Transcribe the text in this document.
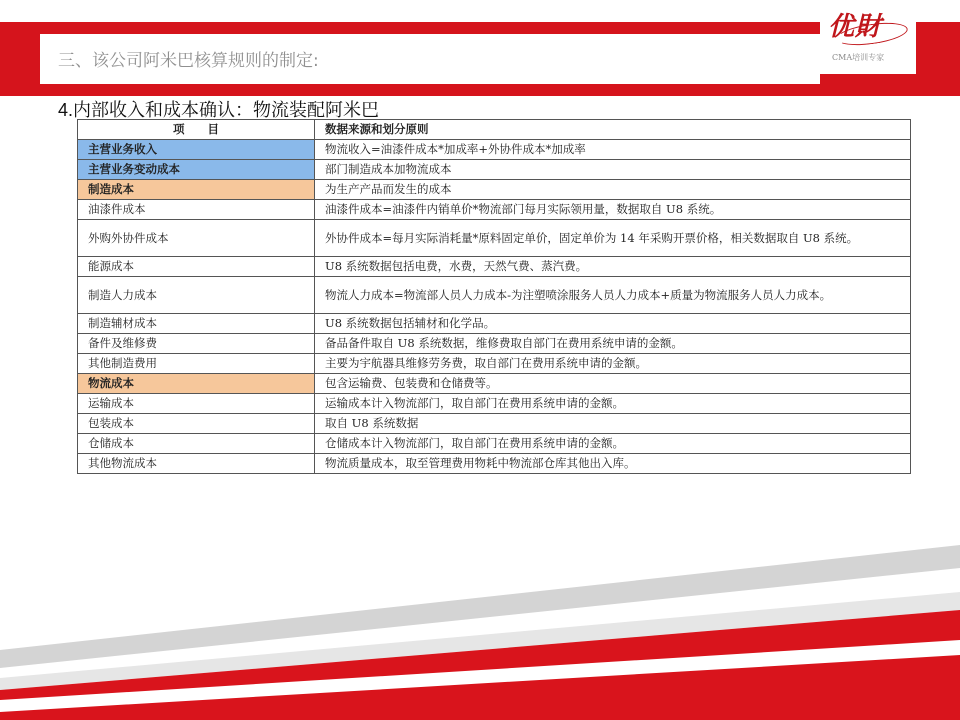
三、该公司阿米巴核算规则的制定:
优財
CMA培训专家
4.内部收入和成本确认：物流装配阿米巴
项　　目	数据来源和划分原则
主营业务收入	物流收入=油漆件成本*加成率+外协件成本*加成率
主营业务变动成本	部门制造成本加物流成本
制造成本	为生产产品而发生的成本
油漆件成本	油漆件成本=油漆件内销单价*物流部门每月实际领用量，数据取自 U8 系统。
外购外协件成本	外协件成本=每月实际消耗量*原料固定单价，固定单价为 14 年采购开票价格，相关数据取自 U8 系统。
能源成本	U8 系统数据包括电费，水费，天然气费、蒸汽费。
制造人力成本	物流人力成本=物流部人员人力成本-为注塑喷涂服务人员人力成本+质量为物流服务人员人力成本。
制造辅材成本	U8 系统数据包括辅材和化学品。
备件及维修费	备品备件取自 U8 系统数据，维修费取自部门在费用系统申请的金额。
其他制造费用	主要为宇航器具维修劳务费，取自部门在费用系统申请的金额。
物流成本	包含运输费、包装费和仓储费等。
运输成本	运输成本计入物流部门，取自部门在费用系统申请的金额。
包装成本	取自 U8 系统数据
仓储成本	仓储成本计入物流部门，取自部门在费用系统申请的金额。
其他物流成本	物流质量成本，取至管理费用物耗中物流部仓库其他出入库。
